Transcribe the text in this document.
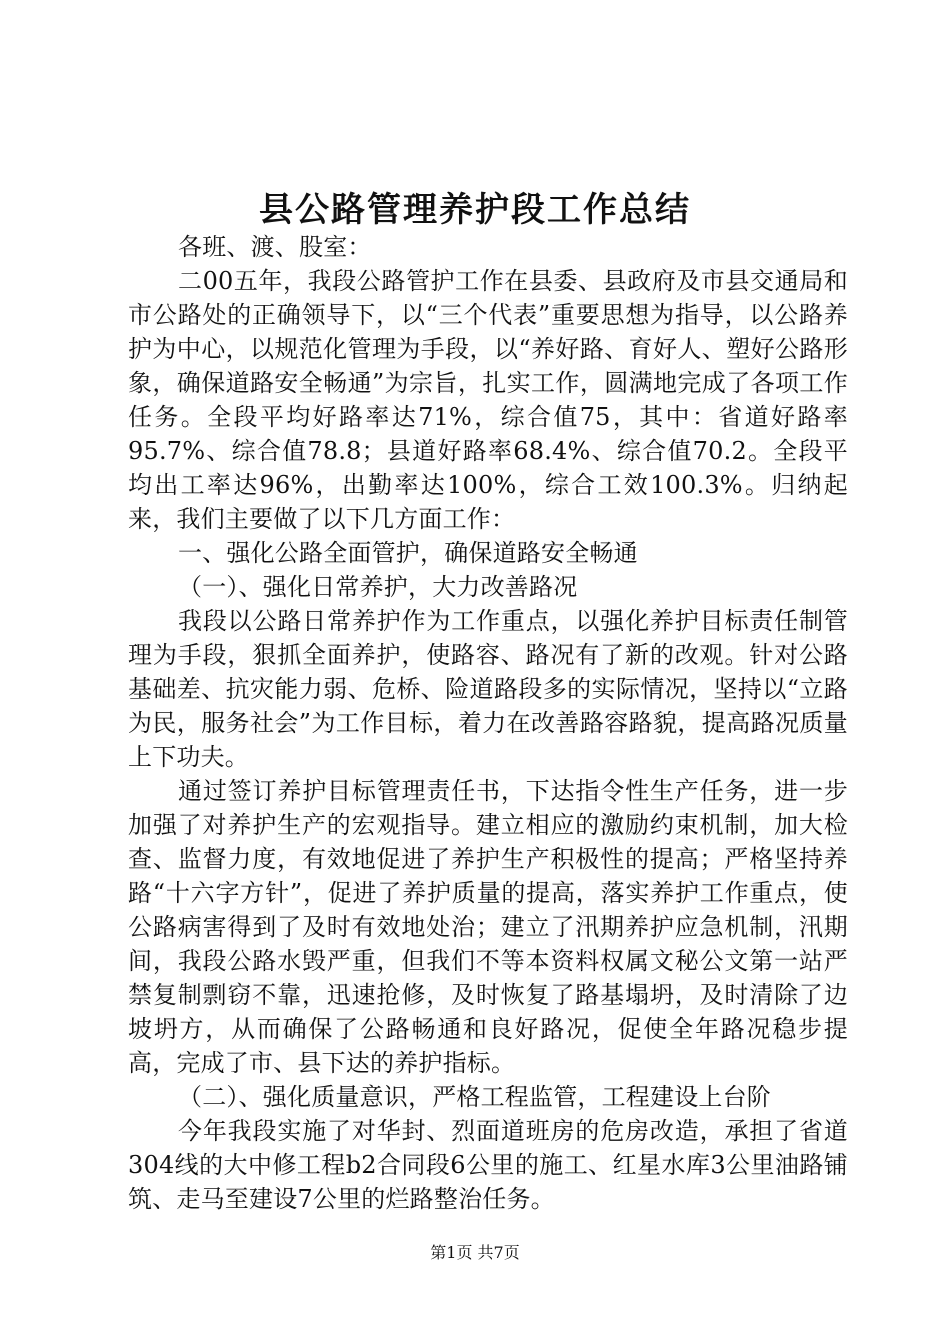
县公路管理养护段工作总结

各班、渡、股室：

二00五年，我段公路管护工作在县委、县政府及市县交通局和市公路处的正确领导下，以“三个代表”重要思想为指导，以公路养护为中心，以规范化管理为手段，以“养好路、育好人、塑好公路形象，确保道路安全畅通”为宗旨，扎实工作，圆满地完成了各项工作任务。全段平均好路率达71%，综合值75，其中：省道好路率95.7%、综合值78.8；县道好路率68.4%、综合值70.2。全段平均出工率达96%，出勤率达100%，综合工效100.3%。归纳起来，我们主要做了以下几方面工作：

一、强化公路全面管护，确保道路安全畅通

（一）、强化日常养护，大力改善路况

我段以公路日常养护作为工作重点，以强化养护目标责任制管理为手段，狠抓全面养护，使路容、路况有了新的改观。针对公路基础差、抗灾能力弱、危桥、险道路段多的实际情况，坚持以“立路为民，服务社会”为工作目标，着力在改善路容路貌，提高路况质量上下功夫。

通过签订养护目标管理责任书，下达指令性生产任务，进一步加强了对养护生产的宏观指导。建立相应的激励约束机制，加大检查、监督力度，有效地促进了养护生产积极性的提高；严格坚持养路“十六字方针”，促进了养护质量的提高，落实养护工作重点，使公路病害得到了及时有效地处治；建立了汛期养护应急机制，汛期间，我段公路水毁严重，但我们不等本资料权属文秘公文第一站严禁复制剽窃不靠，迅速抢修，及时恢复了路基塌坍，及时清除了边坡坍方，从而确保了公路畅通和良好路况，促使全年路况稳步提高，完成了市、县下达的养护指标。

（二）、强化质量意识，严格工程监管，工程建设上台阶

今年我段实施了对华封、烈面道班房的危房改造，承担了省道304线的大中修工程b2合同段6公里的施工、红星水库3公里油路铺筑、走马至建设7公里的烂路整治任务。

第1页 共7页
